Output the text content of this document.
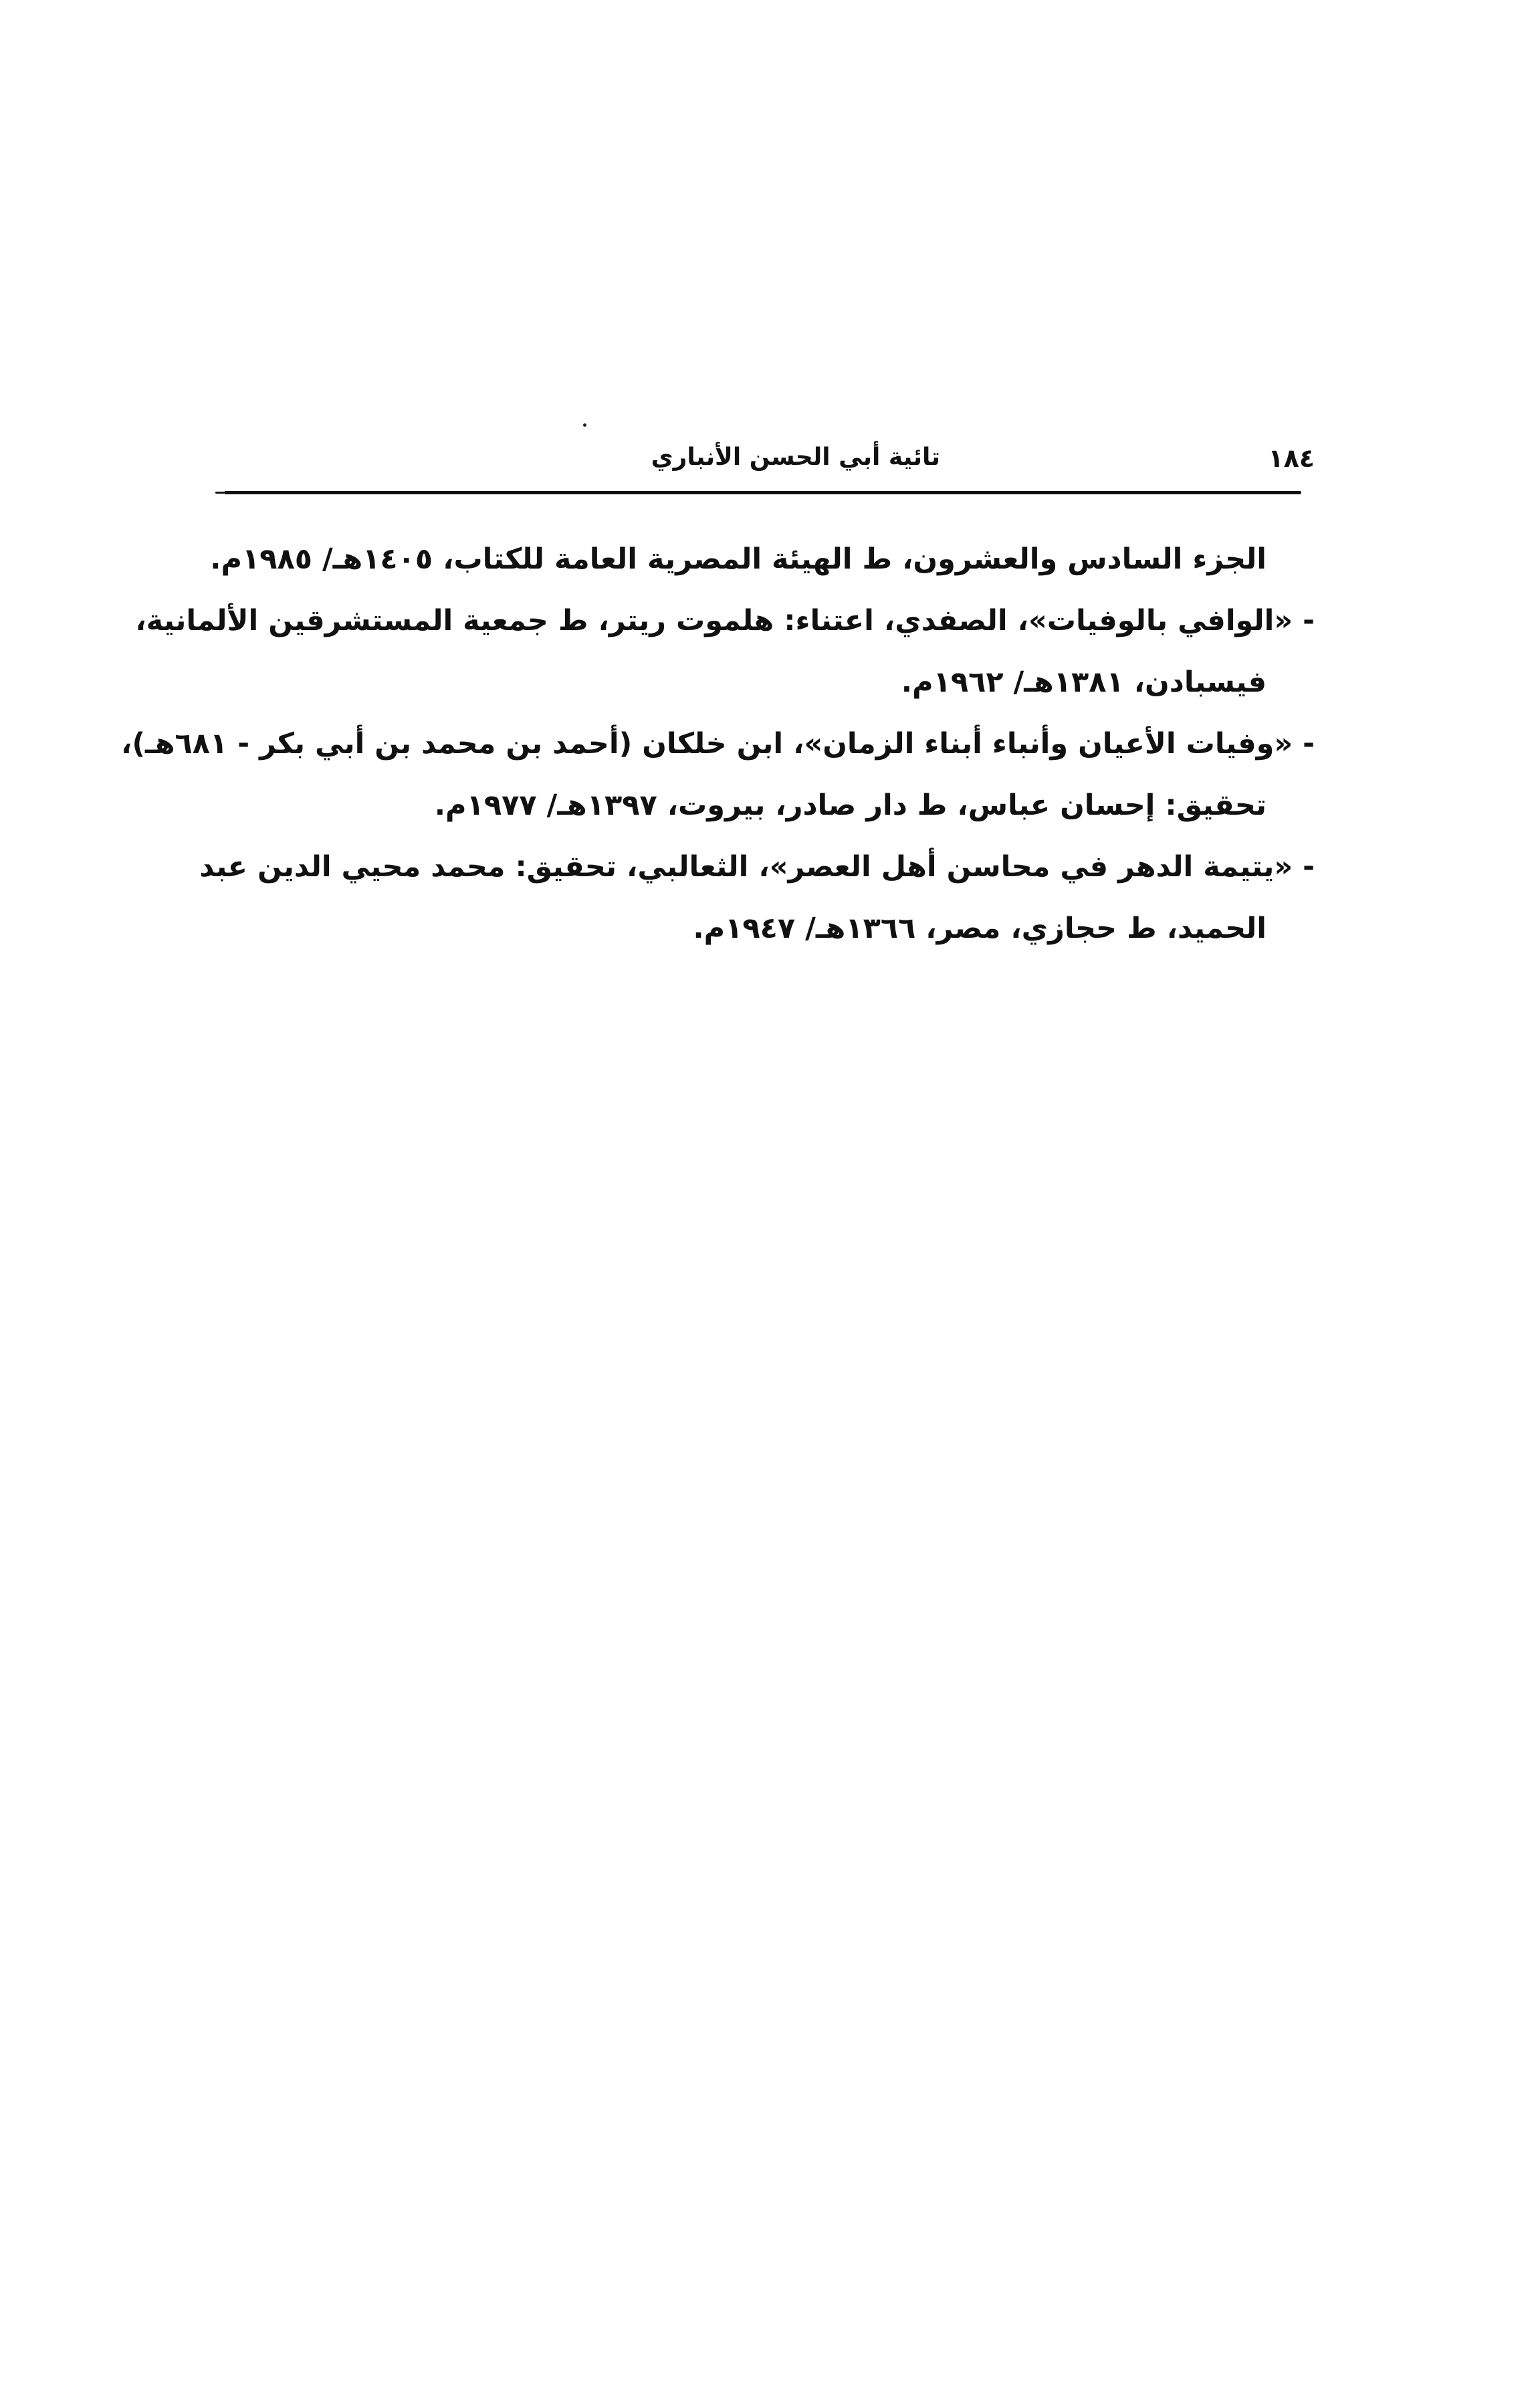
١٨٤
تائية أبي الحسن الأنباري
الجزء السادس والعشرون، ط الهيئة المصرية العامة للكتاب، ١٤٠٥هـ/ ١٩٨٥م.
- «الوافي بالوفيات»، الصفدي، اعتناء: هلموت ريتر، ط جمعية المستشرقين الألمانية،
فيسبادن، ١٣٨١هـ/ ١٩٦٢م.
- «وفيات الأعيان وأنباء أبناء الزمان»، ابن خلكان (أحمد بن محمد بن أبي بكر - ٦٨١هـ)،
تحقيق: إحسان عباس، ط دار صادر، بيروت، ١٣٩٧هـ/ ١٩٧٧م.
- «يتيمة الدهر في محاسن أهل العصر»، الثعالبي، تحقيق: محمد محيي الدين عبد
الحميد، ط حجازي، مصر، ١٣٦٦هـ/ ١٩٤٧م.
